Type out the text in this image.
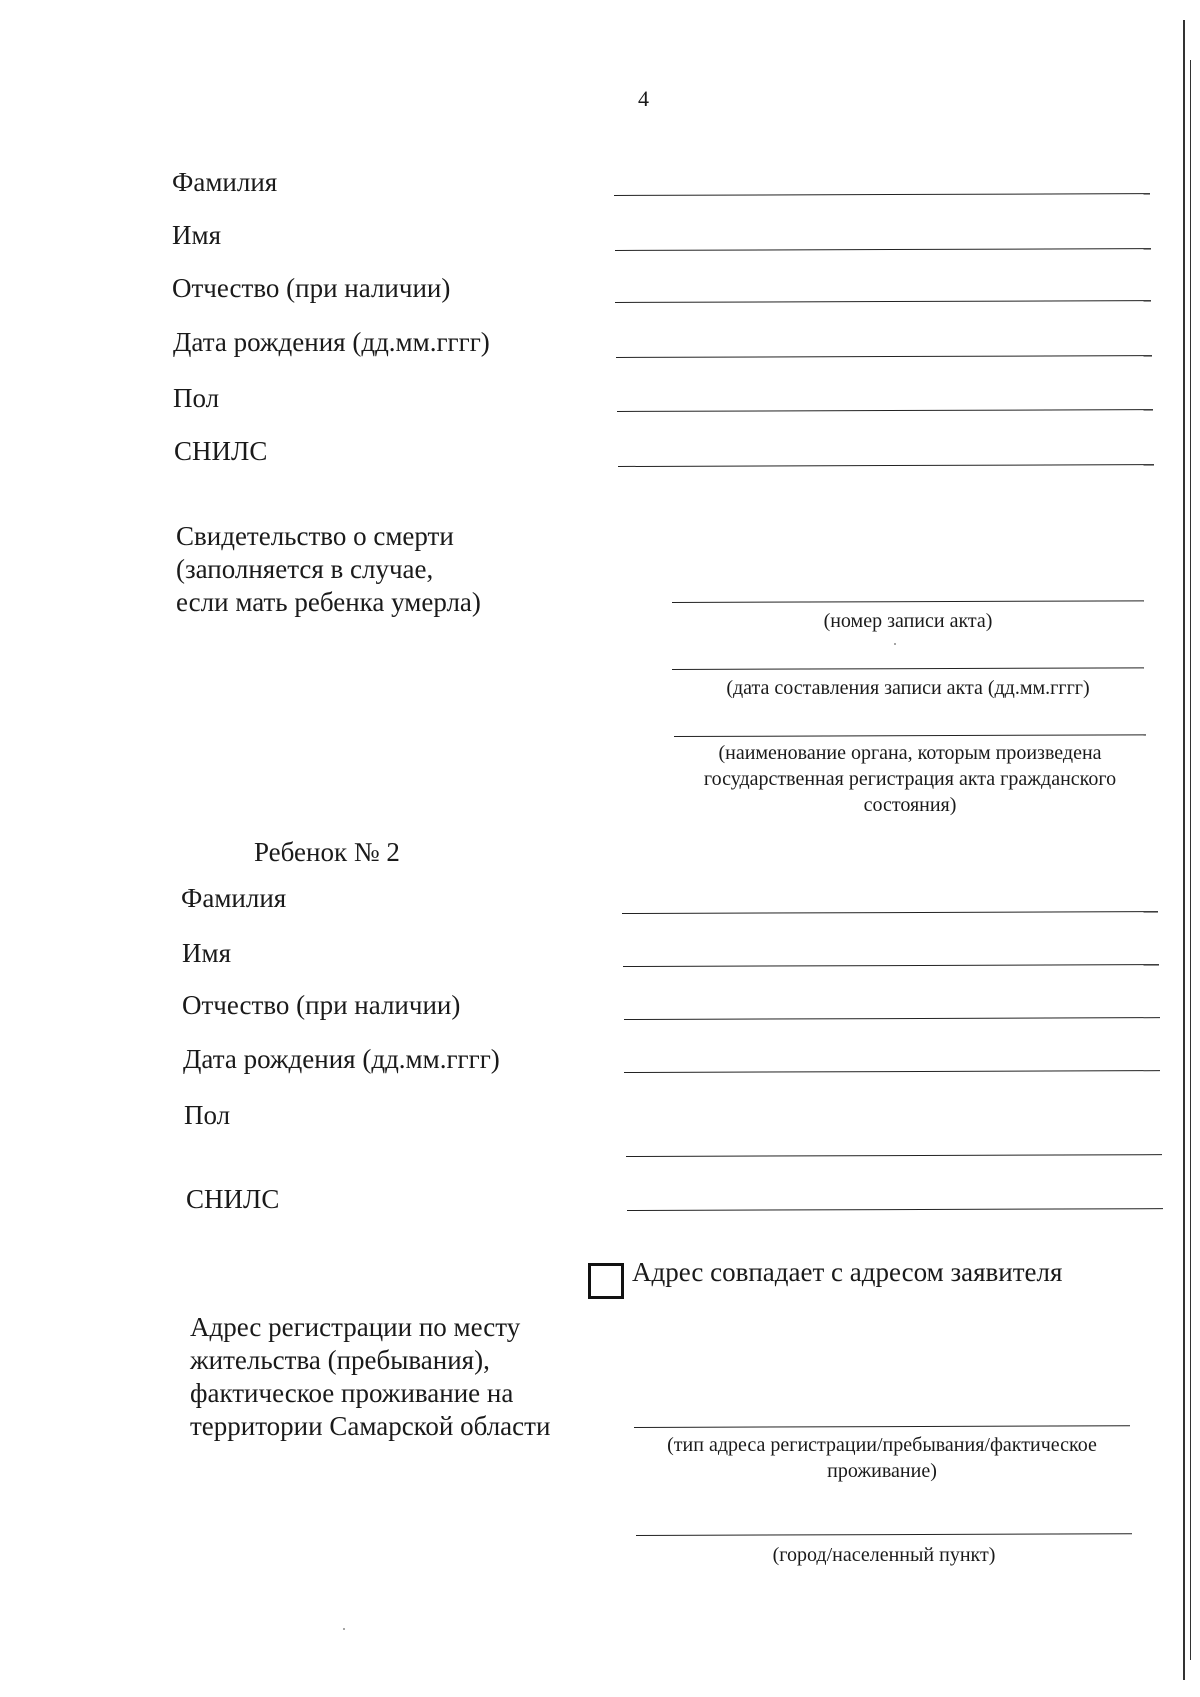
4
Фамилия
Имя
Отчество (при наличии)
Дата рождения (дд.мм.гггг)
Пол
СНИЛС
Свидетельство о смерти
(заполняется в случае,
если мать ребенка умерла)
(номер записи акта)
(дата составления записи акта (дд.мм.гггг)
(наименование органа, которым произведена государственная регистрация акта гражданского состояния)
Ребенок № 2
Фамилия
Имя
Отчество (при наличии)
Дата рождения (дд.мм.гггг)
Пол
СНИЛС
Адрес совпадает с адресом заявителя
Адрес регистрации по месту
жительства (пребывания),
фактическое проживание на
территории Самарской области
(тип адреса регистрации/пребывания/фактическое проживание)
(город/населенный пункт)
